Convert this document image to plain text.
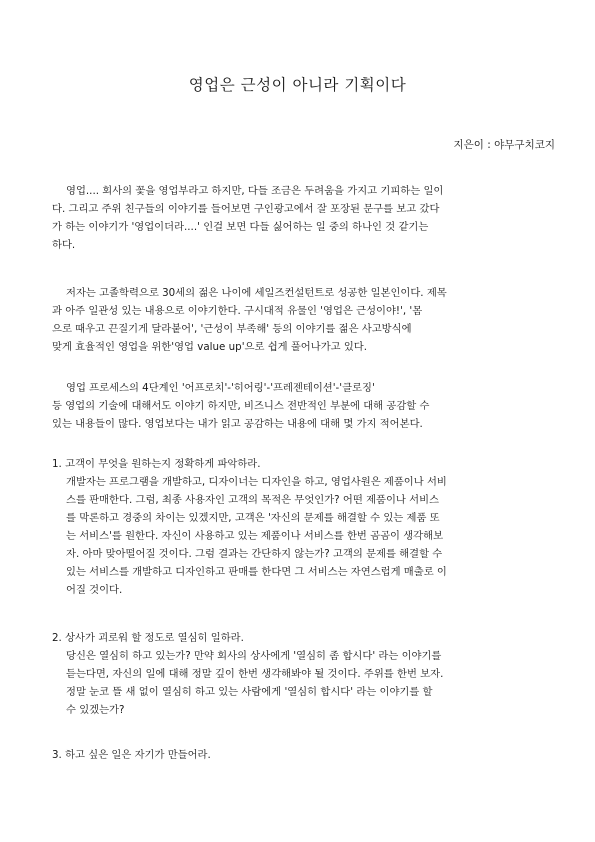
영업은 근성이 아니라 기획이다
지은이 : 야무구치코지
영업.... 회사의 꽃을 영업부라고 하지만, 다들 조금은 두려움을 가지고 기피하는 일이
다. 그리고 주위 친구들의 이야기를 들어보면 구인광고에서 잘 포장된 문구를 보고 갔다
가 하는 이야기가 '영업이더라....' 인걸 보면 다들 싫어하는 일 중의 하나인 것 같기는
하다.
저자는 고졸학력으로 30세의 젊은 나이에 세일즈컨설턴트로 성공한 일본인이다. 제목
과 아주 일관성 있는 내용으로 이야기한다. 구시대적 유물인 '영업은 근성이야!', '몸
으로 때우고 끈질기게 달라붙어', '근성이 부족해' 등의 이야기를 젊은 사고방식에
맞게 효율적인 영업을 위한'영업 value up'으로 쉽게 풀어나가고 있다.
영업 프로세스의 4단계인 '어프로치'-'히어링'-'프레젠테이션'-'클로징'
등 영업의 기술에 대해서도 이야기 하지만, 비즈니스 전반적인 부분에 대해 공감할 수
있는 내용들이 많다. 영업보다는 내가 읽고 공감하는 내용에 대해 몇 가지 적어본다.
1. 고객이 무엇을 원하는지 정확하게 파악하라.
개발자는 프로그램을 개발하고, 디자이너는 디자인을 하고, 영업사원은 제품이나 서비
스를 판매한다. 그럼, 최종 사용자인 고객의 목적은 무엇인가? 어떤 제품이나 서비스
를 막론하고 경중의 차이는 있겠지만, 고객은 '자신의 문제를 해결할 수 있는 제품 또
는 서비스'를 원한다. 자신이 사용하고 있는 제품이나 서비스를 한번 곰곰이 생각해보
자. 아마 맞아떨어질 것이다. 그럼 결과는 간단하지 않는가? 고객의 문제를 해결할 수
있는 서비스를 개발하고 디자인하고 판매를 한다면 그 서비스는 자연스럽게 매출로 이
어질 것이다.
2. 상사가 괴로워 할 정도로 열심히 일하라.
당신은 열심히 하고 있는가? 만약 회사의 상사에게 '열심히 좀 합시다' 라는 이야기를
듣는다면, 자신의 일에 대해 정말 깊이 한번 생각해봐야 될 것이다. 주위를 한번 보자.
정말 눈코 뜰 새 없이 열심히 하고 있는 사람에게 '열심히 합시다' 라는 이야기를 할
수 있겠는가?
3. 하고 싶은 일은 자기가 만들어라.
